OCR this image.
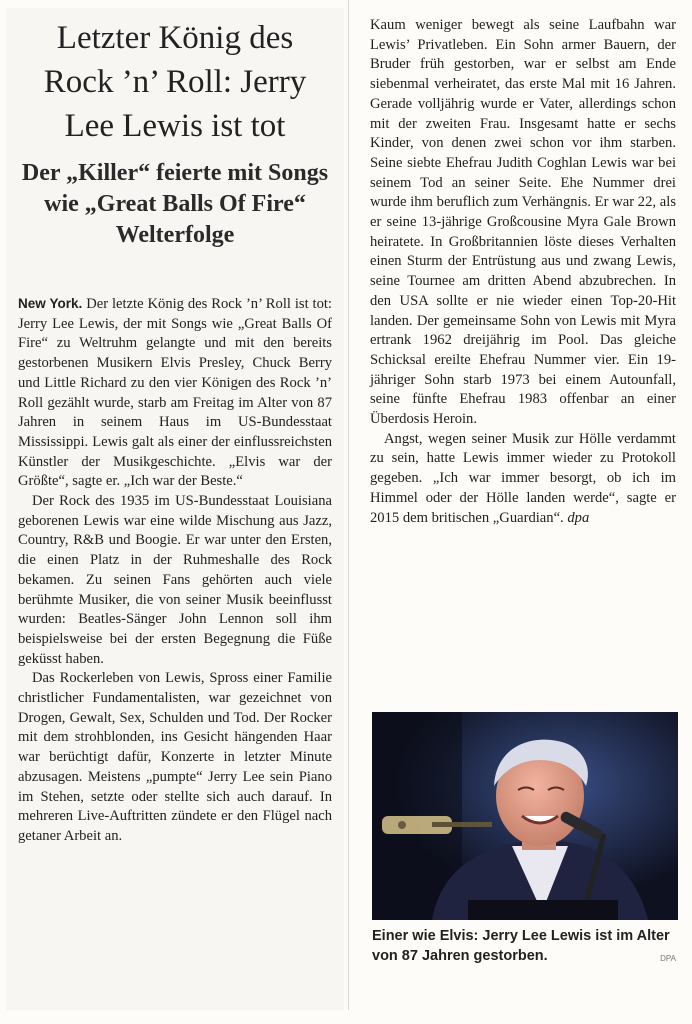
Letzter König des Rock ’n’ Roll: Jerry Lee Lewis ist tot
Der „Killer“ feierte mit Songs wie „Great Balls Of Fire“ Welterfolge

New York. Der letzte König des Rock ’n’ Roll ist tot: Jerry Lee Lewis, der mit Songs wie „Great Balls Of Fire“ zu Weltruhm gelangte und mit den bereits gestorbenen Musikern Elvis Presley, Chuck Berry und Little Richard zu den vier Königen des Rock ’n’ Roll gezählt wurde, starb am Freitag im Alter von 87 Jahren in seinem Haus im US-Bundesstaat Mississippi. Lewis galt als einer der einflussreichsten Künstler der Musikgeschichte. „Elvis war der Größte“, sagte er. „Ich war der Beste.“

Der Rock des 1935 im US-Bundesstaat Louisiana geborenen Lewis war eine wilde Mischung aus Jazz, Country, R&B und Boogie. Er war unter den Ersten, die einen Platz in der Ruhmeshalle des Rock bekamen. Zu seinen Fans gehörten auch viele berühmte Musiker, die von seiner Musik beeinflusst wurden: Beatles-Sänger John Lennon soll ihm beispielsweise bei der ersten Begegnung die Füße geküsst haben.

Das Rockerleben von Lewis, Spross einer Familie christlicher Fundamentalisten, war gezeichnet von Drogen, Gewalt, Sex, Schulden und Tod. Der Rocker mit dem strohblonden, ins Gesicht hängenden Haar war berüchtigt dafür, Konzerte in letzter Minute abzusagen. Meistens „pumpte“ Jerry Lee sein Piano im Stehen, setzte oder stellte sich auch darauf. In mehreren Live-Auftritten zündete er den Flügel nach getaner Arbeit an.

Kaum weniger bewegt als seine Laufbahn war Lewis’ Privatleben. Ein Sohn armer Bauern, der Bruder früh gestorben, war er selbst am Ende siebenmal verheiratet, das erste Mal mit 16 Jahren. Gerade volljährig wurde er Vater, allerdings schon mit der zweiten Frau. Insgesamt hatte er sechs Kinder, von denen zwei schon vor ihm starben. Seine siebte Ehefrau Judith Coghlan Lewis war bei seinem Tod an seiner Seite. Ehe Nummer drei wurde ihm beruflich zum Verhängnis. Er war 22, als er seine 13-jährige Großcousine Myra Gale Brown heiratete. In Großbritannien löste dieses Verhalten einen Sturm der Entrüstung aus und zwang Lewis, seine Tournee am dritten Abend abzubrechen. In den USA sollte er nie wieder einen Top-20-Hit landen. Der gemeinsame Sohn von Lewis mit Myra ertrank 1962 dreijährig im Pool. Das gleiche Schicksal ereilte Ehefrau Nummer vier. Ein 19-jähriger Sohn starb 1973 bei einem Autounfall, seine fünfte Ehefrau 1983 offenbar an einer Überdosis Heroin.

Angst, wegen seiner Musik zur Hölle verdammt zu sein, hatte Lewis immer wieder zu Protokoll gegeben. „Ich war immer besorgt, ob ich im Himmel oder der Hölle landen werde“, sagte er 2015 dem britischen „Guardian“. dpa

Einer wie Elvis: Jerry Lee Lewis ist im Alter von 87 Jahren gestorben.	DPA
